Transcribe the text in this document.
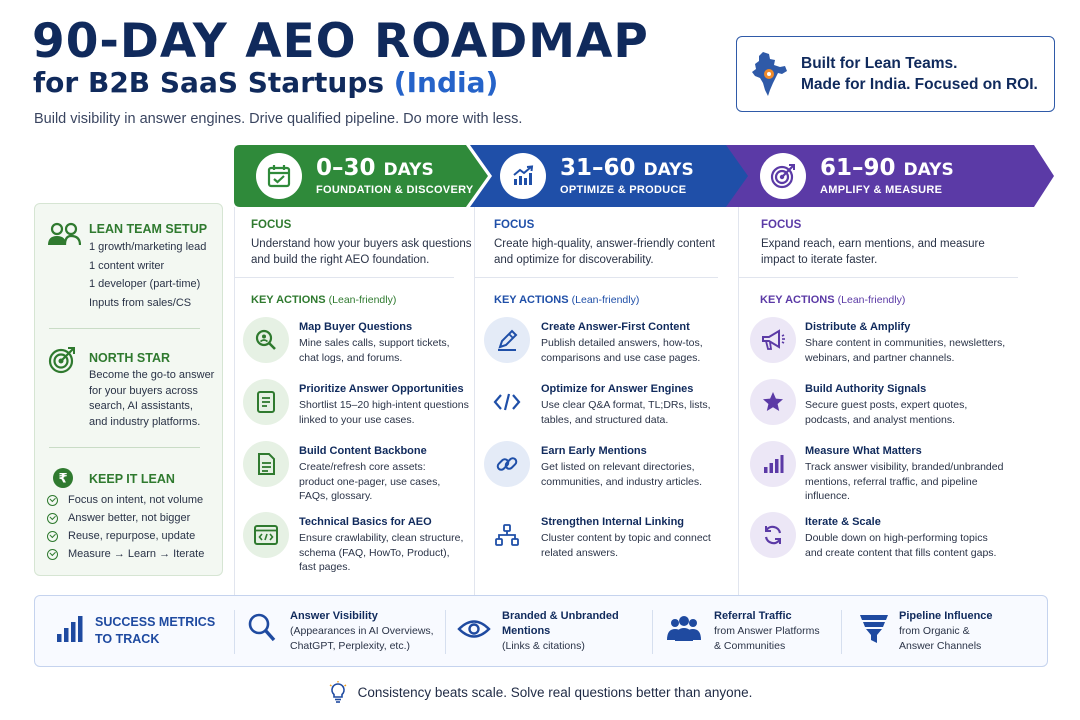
90-DAY AEO ROADMAP
for B2B SaaS Startups (India)
Build visibility in answer engines. Drive qualified pipeline. Do more with less.
Built for Lean Teams.
Made for India. Focused on ROI.
0–30 DAYS
FOUNDATION & DISCOVERY
31–60 DAYS
OPTIMIZE & PRODUCE
61–90 DAYS
AMPLIFY & MEASURE
LEAN TEAM SETUP
1 growth/marketing lead
1 content writer
1 developer (part-time)
Inputs from sales/CS
NORTH STAR
Become the go-to answer
for your buyers across
search, AI assistants,
and industry platforms.
₹ KEEP IT LEAN
Focus on intent, not volume
Answer better, not bigger
Reuse, repurpose, update
Measure → Learn → Iterate
FOCUS
Understand how your buyers ask questions
and build the right AEO foundation.
KEY ACTIONS (Lean-friendly)
Map Buyer Questions
Mine sales calls, support tickets,
chat logs, and forums.
Prioritize Answer Opportunities
Shortlist 15–20 high-intent questions
linked to your use cases.
Build Content Backbone
Create/refresh core assets:
product one-pager, use cases,
FAQs, glossary.
Technical Basics for AEO
Ensure crawlability, clean structure,
schema (FAQ, HowTo, Product),
fast pages.
FOCUS
Create high-quality, answer-friendly content
and optimize for discoverability.
KEY ACTIONS (Lean-friendly)
Create Answer-First Content
Publish detailed answers, how-tos,
comparisons and use case pages.
Optimize for Answer Engines
Use clear Q&A format, TL;DRs, lists,
tables, and structured data.
Earn Early Mentions
Get listed on relevant directories,
communities, and industry articles.
Strengthen Internal Linking
Cluster content by topic and connect
related answers.
FOCUS
Expand reach, earn mentions, and measure
impact to iterate faster.
KEY ACTIONS (Lean-friendly)
Distribute & Amplify
Share content in communities, newsletters,
webinars, and partner channels.
Build Authority Signals
Secure guest posts, expert quotes,
podcasts, and analyst mentions.
Measure What Matters
Track answer visibility, branded/unbranded
mentions, referral traffic, and pipeline
influence.
Iterate & Scale
Double down on high-performing topics
and create content that fills content gaps.
SUCCESS METRICS
TO TRACK
Answer Visibility
(Appearances in AI Overviews,
ChatGPT, Perplexity, etc.)
Branded & Unbranded
Mentions
(Links & citations)
Referral Traffic
from Answer Platforms
& Communities
Pipeline Influence
from Organic &
Answer Channels
Consistency beats scale. Solve real questions better than anyone.
